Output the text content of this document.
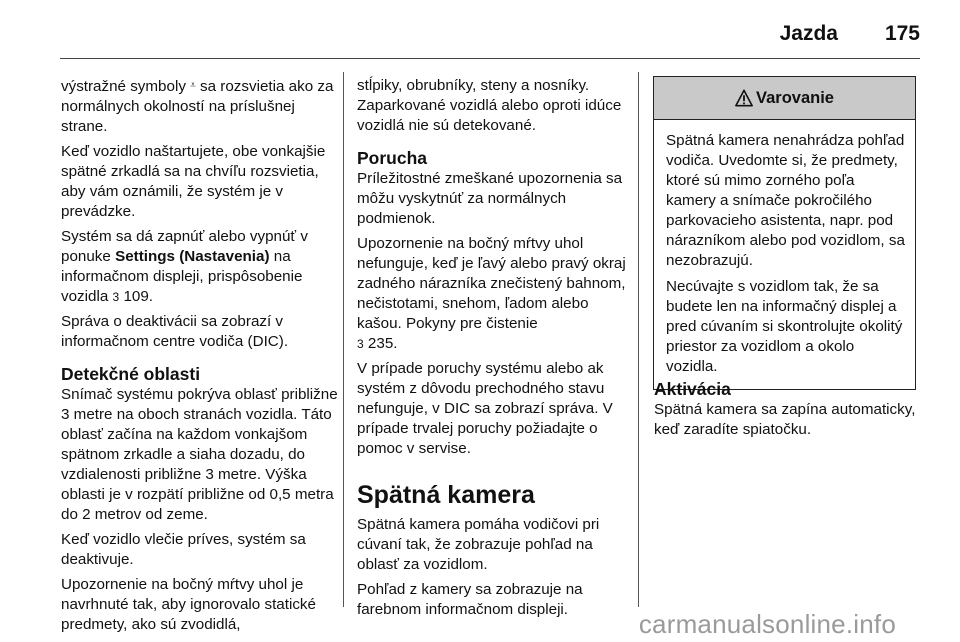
Jazda 175

výstražné symboly ⩡ sa rozsvietia ako za normálnych okolností na príslušnej strane.

Keď vozidlo naštartujete, obe vonkajšie spätné zrkadlá sa na chvíľu rozsvietia, aby vám oznámili, že systém je v prevádzke.

Systém sa dá zapnúť alebo vypnúť v ponuke Settings (Nastavenia) na informačnom displeji, prispôsobenie vozidla 3 109.

Správa o deaktivácii sa zobrazí v informačnom centre vodiča (DIC).

Detekčné oblasti

Snímač systému pokrýva oblasť približne 3 metre na oboch stranách vozidla. Táto oblasť začína na každom vonkajšom spätnom zrkadle a siaha dozadu, do vzdialenosti približne 3 metre. Výška oblasti je v rozpätí približne od 0,5 metra do 2 metrov od zeme.

Keď vozidlo vlečie príves, systém sa deaktivuje.

Upozornenie na bočný mŕtvy uhol je navrhnuté tak, aby ignorovalo statické predmety, ako sú zvodidlá,

stĺpiky, obrubníky, steny a nosníky. Zaparkované vozidlá alebo oproti idúce vozidlá nie sú detekované.

Porucha

Príležitostné zmeškané upozornenia sa môžu vyskytnúť za normálnych podmienok.

Upozornenie na bočný mŕtvy uhol nefunguje, keď je ľavý alebo pravý okraj zadného nárazníka znečistený bahnom, nečistotami, snehom, ľadom alebo kašou. Pokyny pre čistenie
3 235.

V prípade poruchy systému alebo ak systém z dôvodu prechodného stavu nefunguje, v DIC sa zobrazí správa. V prípade trvalej poruchy požiadajte o pomoc v servise.

Spätná kamera

Spätná kamera pomáha vodičovi pri cúvaní tak, že zobrazuje pohľad na oblasť za vozidlom.

Pohľad z kamery sa zobrazuje na farebnom informačnom displeji.

Varovanie

Spätná kamera nenahrádza pohľad vodiča. Uvedomte si, že predmety, ktoré sú mimo zorného poľa kamery a snímače pokročilého parkovacieho asistenta, napr. pod nárazníkom alebo pod vozidlom, sa nezobrazujú.

Necúvajte s vozidlom tak, že sa budete len na informačný displej a pred cúvaním si skontrolujte okolitý priestor za vozidlom a okolo vozidla.

Aktivácia

Spätná kamera sa zapína automaticky, keď zaradíte spiatočku.

carmanualsonline.info
